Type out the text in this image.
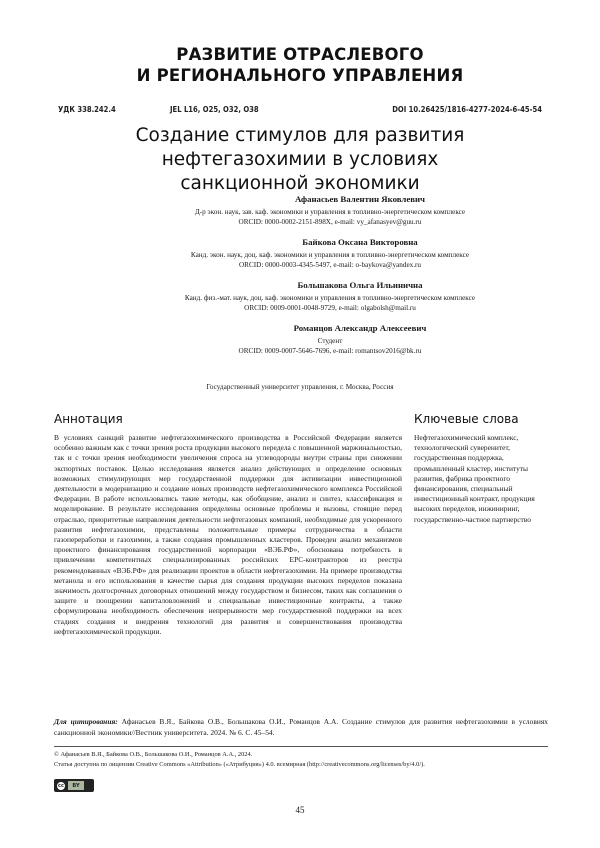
РАЗВИТИЕ ОТРАСЛЕВОГО
И РЕГИОНАЛЬНОГО УПРАВЛЕНИЯ
УДК 338.242.4	JEL L16, O25, O32, O38	DOI 10.26425/1816-4277-2024-6-45-54
Создание стимулов для развития
нефтегазохимии в условиях
санкционной экономики
Афанасьев Валентин Яковлевич
Д-р экон. наук, зав. каф. экономики и управления в топливно-энергетическом комплексе
ORCID: 0000-0002-2151-898X, e-mail: vy_afanasyev@guu.ru
Байкова Оксана Викторовна
Канд. экон. наук, доц. каф. экономики и управления в топливно-энергетическом комплексе
ORCID: 0000-0003-4345-5497, e-mail: o-baykova@yandex.ru
Большакова Ольга Ильинична
Канд. физ.-мат. наук, доц. каф. экономики и управления в топливно-энергетическом комплексе
ORCID: 0009-0001-0048-9729, e-mail: olgabolsh@mail.ru
Романцов Александр Алексеевич
Студент
ORCID: 0009-0007-5646-7696, e-mail: romantsov2016@bk.ru
Государственный университет управления, г. Москва, Россия
Аннотация	Ключевые слова
В условиях санкций развитие нефтегазохимического производства в Российской Федерации является особенно важным как с точки зрения роста продукции высокого передела с повышенной маржинальностью, так и с точки зрения необходимости увеличения спроса на углеводороды внутри страны при снижении экспортных поставок. Целью исследования является анализ действующих и определение основных возможных стимулирующих мер государственной поддержки для активизации инвестиционной деятельности в модернизацию и создание новых производств нефтегазохимического комплекса Российской Федерации. В работе использовались такие методы, как обобщение, анализ и синтез, классификация и моделирование. В результате исследования определены основные проблемы и вызовы, стоящие перед отраслью, приоритетные направления деятельности нефтегазовых компаний, необходимые для ускоренного развития нефтегазохимии, представлены положительные примеры сотрудничества в области газопереработки и газохимии, а также создания промышленных кластеров. Проведен анализ механизмов проектного финансирования государственной корпорации «ВЭБ.РФ», обоснована потребность в привлечении компетентных специализированных российских EPC-контракторов из реестра рекомендованных «ВЭБ.РФ» для реализации проектов в области нефтегазохимии. На примере производства метанола и его использования в качестве сырья для создания продукции высоких переделов показана значимость долгосрочных договорных отношений между государством и бизнесом, таких как соглашения о защите и поощрении капиталовложений и специальные инвестиционные контракты, а также сформулирована необходимость обеспечения непрерывности мер государственной поддержки на всех стадиях создания и внедрения технологий для развития и совершенствования производства нефтегазохимической продукции.
Нефтегазохимический комплекс, технологический суверенитет, государственная поддержка, промышленный кластер, институты развития, фабрика проектного финансирования, специальный инвестиционный контракт, продукция высоких переделов, инжиниринг, государственно-частное партнерство
Для цитирования: Афанасьев В.Я., Байкова О.В., Большакова О.И., Романцов А.А. Создание стимулов для развития нефтегазохимии в условиях санкционной экономики//Вестник университета. 2024. № 6. С. 45–54.
© Афанасьев В.Я., Байкова О.В., Большакова О.И., Романцов А.А., 2024.
Статья доступна по лицензии Creative Commons «Attribution» («Атрибуция») 4.0. всемирная (http://creativecommons.org/licenses/by/4.0/).
cc	BY
45
